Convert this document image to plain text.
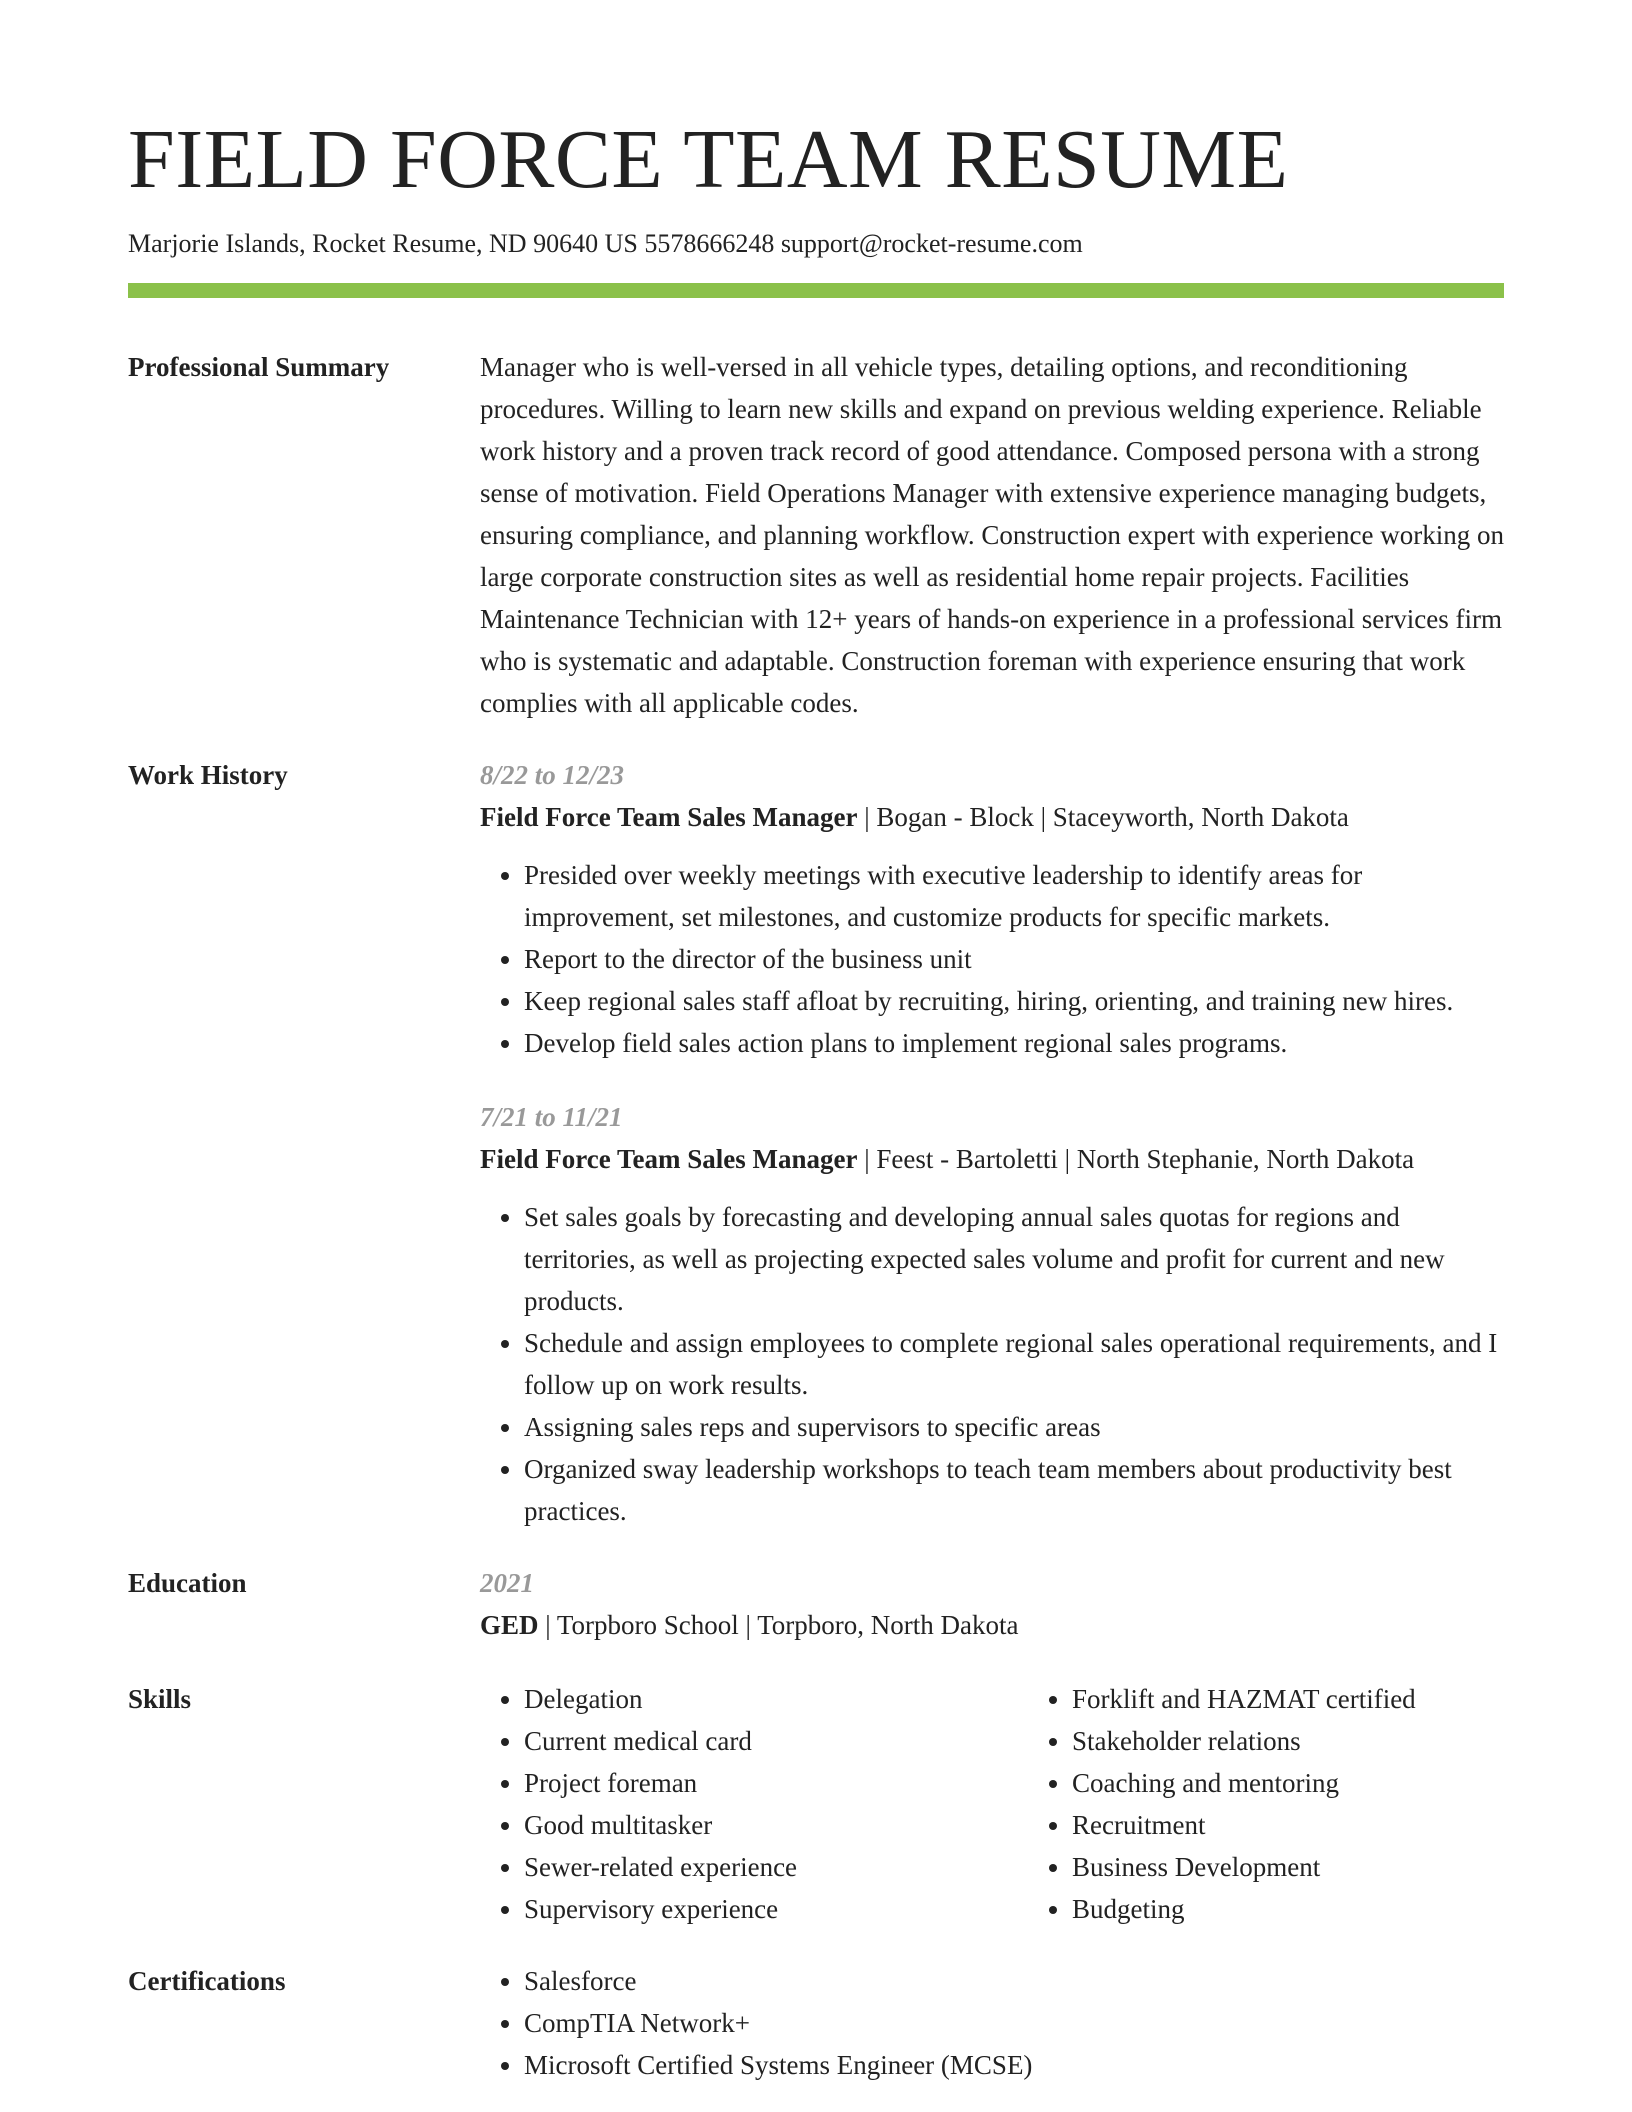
FIELD FORCE TEAM RESUME
Marjorie Islands, Rocket Resume, ND 90640 US 5578666248 support@rocket-resume.com
Professional Summary	Manager who is well-versed in all vehicle types, detailing options, and reconditioning procedures. Willing to learn new skills and expand on previous welding experience. Reliable work history and a proven track record of good attendance. Composed persona with a strong sense of motivation. Field Operations Manager with extensive experience managing budgets, ensuring compliance, and planning workflow. Construction expert with experience working on large corporate construction sites as well as residential home repair projects. Facilities Maintenance Technician with 12+ years of hands-on experience in a professional services firm who is systematic and adaptable. Construction foreman with experience ensuring that work complies with all applicable codes.
Work History	8/22 to 12/23
Field Force Team Sales Manager | Bogan - Block | Staceyworth, North Dakota
• Presided over weekly meetings with executive leadership to identify areas for improvement, set milestones, and customize products for specific markets.
• Report to the director of the business unit
• Keep regional sales staff afloat by recruiting, hiring, orienting, and training new hires.
• Develop field sales action plans to implement regional sales programs.
7/21 to 11/21
Field Force Team Sales Manager | Feest - Bartoletti | North Stephanie, North Dakota
• Set sales goals by forecasting and developing annual sales quotas for regions and territories, as well as projecting expected sales volume and profit for current and new products.
• Schedule and assign employees to complete regional sales operational requirements, and I follow up on work results.
• Assigning sales reps and supervisors to specific areas
• Organized sway leadership workshops to teach team members about productivity best practices.
Education	2021
GED | Torpboro School | Torpboro, North Dakota
Skills	• Delegation
• Current medical card
• Project foreman
• Good multitasker
• Sewer-related experience
• Supervisory experience
• Forklift and HAZMAT certified
• Stakeholder relations
• Coaching and mentoring
• Recruitment
• Business Development
• Budgeting
Certifications	• Salesforce
• CompTIA Network+
• Microsoft Certified Systems Engineer (MCSE)
